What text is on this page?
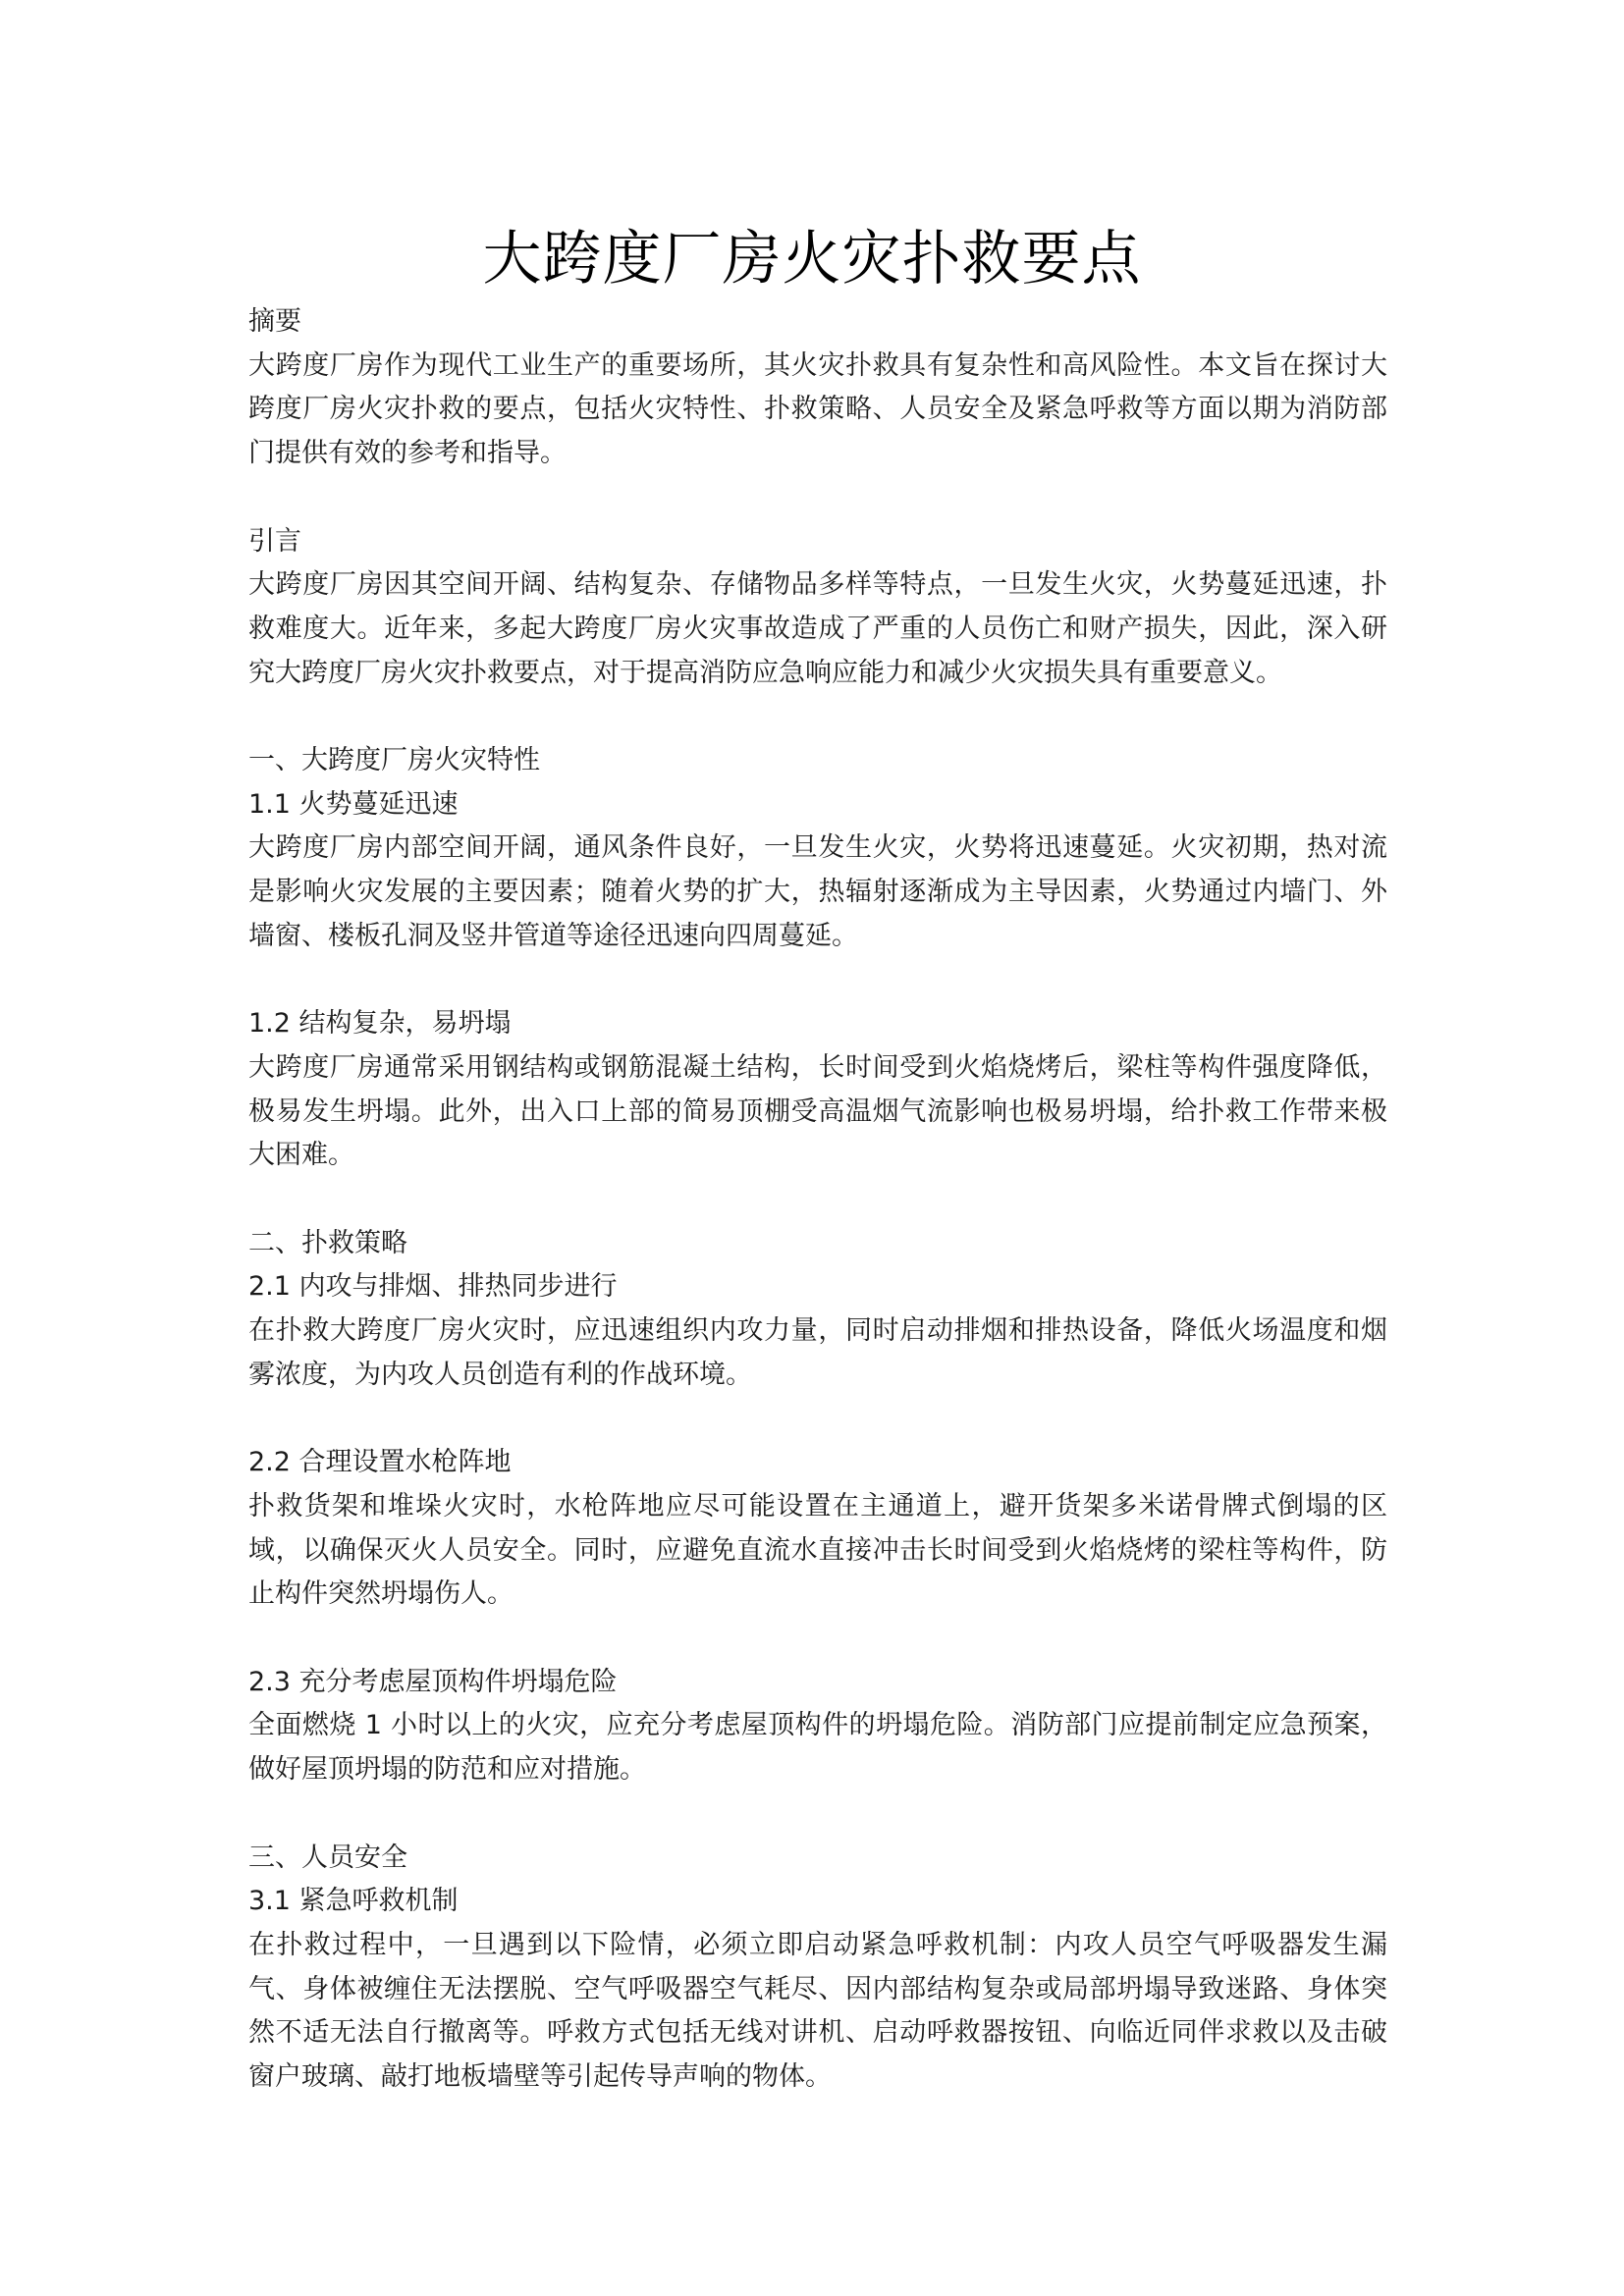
大跨度厂房火灾扑救要点

摘要

大跨度厂房作为现代工业生产的重要场所，其火灾扑救具有复杂性和高风险性。本文旨在探讨大跨度厂房火灾扑救的要点，包括火灾特性、扑救策略、人员安全及紧急呼救等方面以期为消防部门提供有效的参考和指导。

引言

大跨度厂房因其空间开阔、结构复杂、存储物品多样等特点，一旦发生火灾，火势蔓延迅速，扑救难度大。近年来，多起大跨度厂房火灾事故造成了严重的人员伤亡和财产损失，因此，深入研究大跨度厂房火灾扑救要点，对于提高消防应急响应能力和减少火灾损失具有重要意义。

一、大跨度厂房火灾特性

1.1 火势蔓延迅速

大跨度厂房内部空间开阔，通风条件良好，一旦发生火灾，火势将迅速蔓延。火灾初期，热对流是影响火灾发展的主要因素；随着火势的扩大，热辐射逐渐成为主导因素，火势通过内墙门、外墙窗、楼板孔洞及竖井管道等途径迅速向四周蔓延。

1.2 结构复杂，易坍塌

大跨度厂房通常采用钢结构或钢筋混凝土结构，长时间受到火焰烧烤后，梁柱等构件强度降低，极易发生坍塌。此外，出入口上部的简易顶棚受高温烟气流影响也极易坍塌，给扑救工作带来极大困难。

二、扑救策略

2.1 内攻与排烟、排热同步进行

在扑救大跨度厂房火灾时，应迅速组织内攻力量，同时启动排烟和排热设备，降低火场温度和烟雾浓度，为内攻人员创造有利的作战环境。

2.2 合理设置水枪阵地

扑救货架和堆垛火灾时，水枪阵地应尽可能设置在主通道上，避开货架多米诺骨牌式倒塌的区域，以确保灭火人员安全。同时，应避免直流水直接冲击长时间受到火焰烧烤的梁柱等构件，防止构件突然坍塌伤人。

2.3 充分考虑屋顶构件坍塌危险

全面燃烧 1 小时以上的火灾，应充分考虑屋顶构件的坍塌危险。消防部门应提前制定应急预案，做好屋顶坍塌的防范和应对措施。

三、人员安全

3.1 紧急呼救机制

在扑救过程中，一旦遇到以下险情，必须立即启动紧急呼救机制：内攻人员空气呼吸器发生漏气、身体被缠住无法摆脱、空气呼吸器空气耗尽、因内部结构复杂或局部坍塌导致迷路、身体突然不适无法自行撤离等。呼救方式包括无线对讲机、启动呼救器按钮、向临近同伴求救以及击破窗户玻璃、敲打地板墙壁等引起传导声响的物体。
